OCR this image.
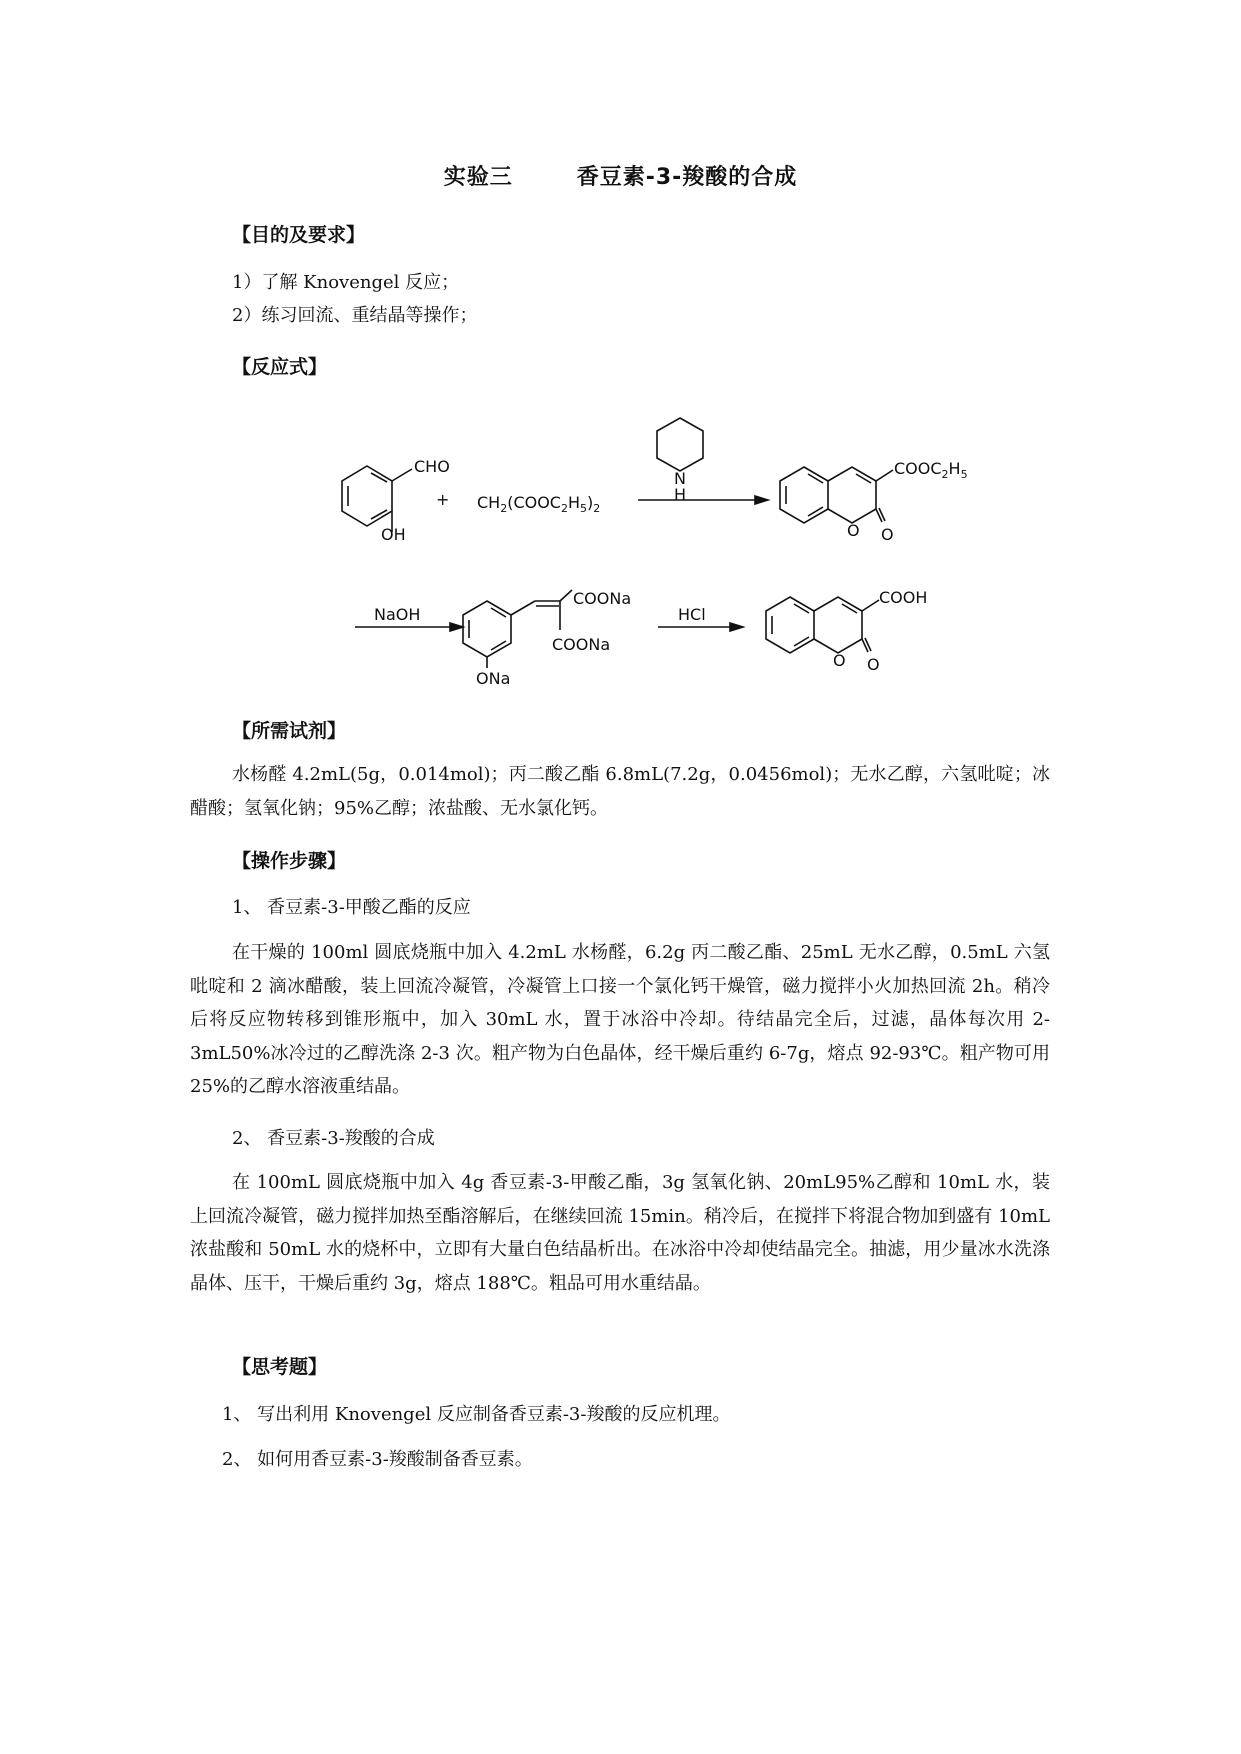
实验三	香豆素-3-羧酸的合成
【目的及要求】
1）了解 Knovengel 反应；
2）练习回流、重结晶等操作；
【反应式】
CHO
OH
+ $CH_2(COOC_2H_5)_2$
N
H
$COOC_2H_5$
O O
NaOH
COONa
COONa
ONa
HCl
COOH
O O
【所需试剂】
水杨醛 4.2mL(5g，0.014mol)；丙二酸乙酯 6.8mL(7.2g，0.0456mol)；无水乙醇，六氢吡啶；冰醋酸；氢氧化钠；95%乙醇；浓盐酸、无水氯化钙。
【操作步骤】
1、 香豆素-3-甲酸乙酯的反应
在干燥的 100ml 圆底烧瓶中加入 4.2mL 水杨醛，6.2g 丙二酸乙酯、25mL 无水乙醇，0.5mL 六氢吡啶和 2 滴冰醋酸，装上回流冷凝管，冷凝管上口接一个氯化钙干燥管，磁力搅拌小火加热回流 2h。稍冷后将反应物转移到锥形瓶中，加入 30mL 水，置于冰浴中冷却。待结晶完全后，过滤，晶体每次用 2-3mL50%冰冷过的乙醇洗涤 2-3 次。粗产物为白色晶体，经干燥后重约 6-7g，熔点 92-93℃。粗产物可用 25%的乙醇水溶液重结晶。
2、 香豆素-3-羧酸的合成
在 100mL 圆底烧瓶中加入 4g 香豆素-3-甲酸乙酯，3g 氢氧化钠、20mL95%乙醇和 10mL 水，装上回流冷凝管，磁力搅拌加热至酯溶解后，在继续回流 15min。稍冷后，在搅拌下将混合物加到盛有 10mL 浓盐酸和 50mL 水的烧杯中，立即有大量白色结晶析出。在冰浴中冷却使结晶完全。抽滤，用少量冰水洗涤晶体、压干，干燥后重约 3g，熔点 188℃。粗品可用水重结晶。
【思考题】
1、 写出利用 Knovengel 反应制备香豆素-3-羧酸的反应机理。
2、 如何用香豆素-3-羧酸制备香豆素。
